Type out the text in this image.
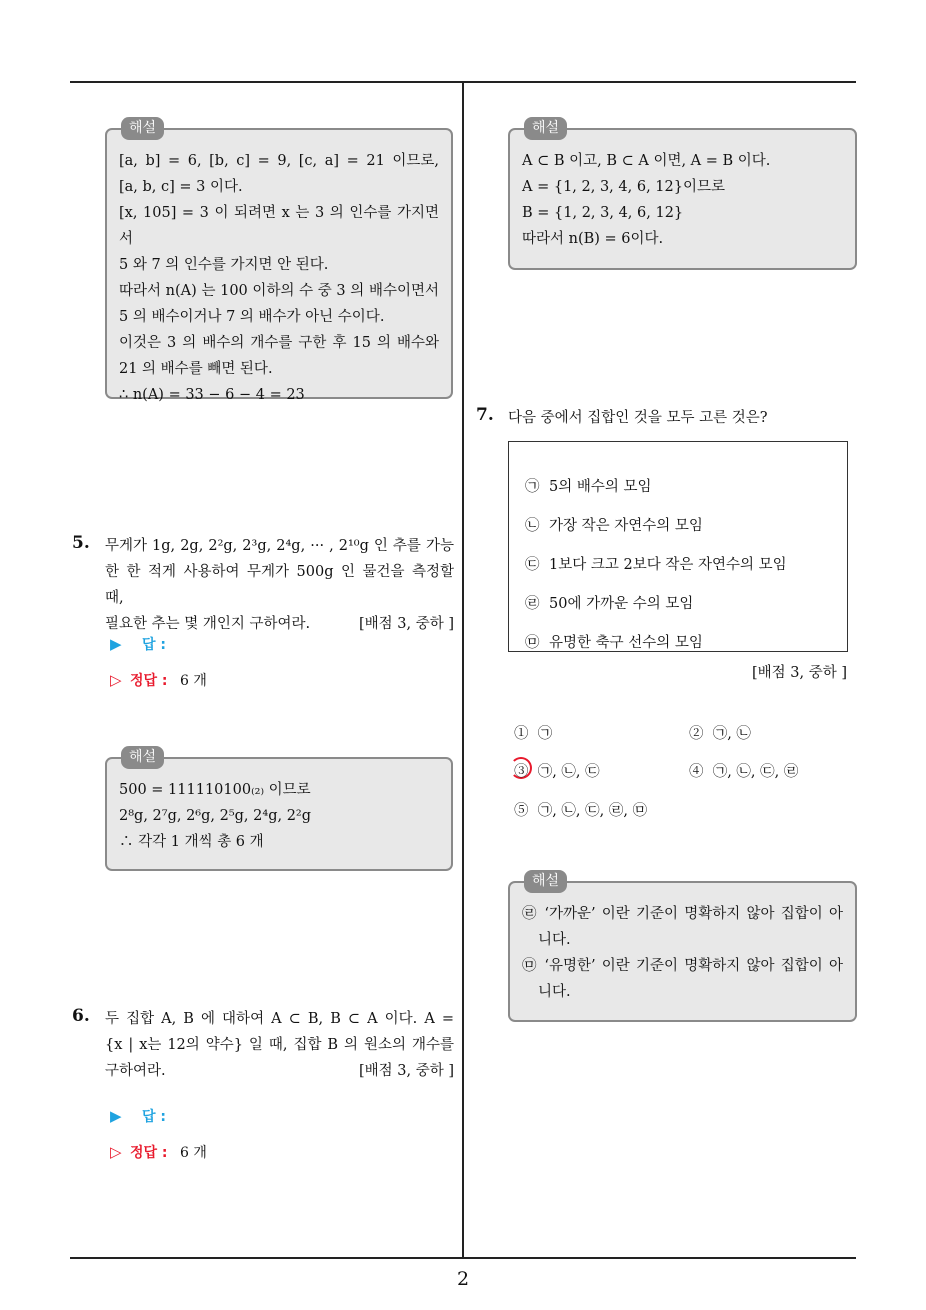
2
해설
[a, b] = 6, [b, c] = 9, [c, a] = 21 이므로,
[a, b, c] = 3 이다.
[x, 105] = 3 이 되려면 x 는 3 의 인수를 가지면서
5 와 7 의 인수를 가지면 안 된다.
따라서 n(A) 는 100 이하의 수 중 3 의 배수이면서
5 의 배수이거나 7 의 배수가 아닌 수이다.
이것은 3 의 배수의 개수를 구한 후 15 의 배수와
21 의 배수를 빼면 된다.
∴ n(A) = 33 − 6 − 4 = 23
5. 무게가 1g, 2g, 2²g, 2³g, 2⁴g, ··· , 2¹⁰g 인 추를 가능
한 한 적게 사용하여 무게가 500g 인 물건을 측정할 때,
필요한 추는 몇 개인지 구하여라.	[배점 3, 중하 ]
▶ 답 :
▷ 정답 : 6 개
해설
500 = 111110100₍₂₎ 이므로
2⁸g, 2⁷g, 2⁶g, 2⁵g, 2⁴g, 2²g
∴ 각각 1 개씩 총 6 개
6. 두 집합 A, B 에 대하여 A ⊂ B, B ⊂ A 이다. A =
{x | x는 12의 약수} 일 때, 집합 B 의 원소의 개수를
구하여라.	[배점 3, 중하 ]
▶ 답 :
▷ 정답 : 6 개
해설
A ⊂ B 이고, B ⊂ A 이면, A = B 이다.
A = {1, 2, 3, 4, 6, 12}이므로
B = {1, 2, 3, 4, 6, 12}
따라서 n(B) = 6이다.
7. 다음 중에서 집합인 것을 모두 고른 것은?
㉠ 5의 배수의 모임
㉡ 가장 작은 자연수의 모임
㉢ 1보다 크고 2보다 작은 자연수의 모임
㉣ 50에 가까운 수의 모임
㉤ 유명한 축구 선수의 모임
[배점 3, 중하 ]
① ㉠	② ㉠, ㉡
③ ㉠, ㉡, ㉢	④ ㉠, ㉡, ㉢, ㉣
⑤ ㉠, ㉡, ㉢, ㉣, ㉤
해설
㉣ ‘가까운’ 이란 기준이 명확하지 않아 집합이 아
니다.
㉤ ‘유명한’ 이란 기준이 명확하지 않아 집합이 아
니다.
